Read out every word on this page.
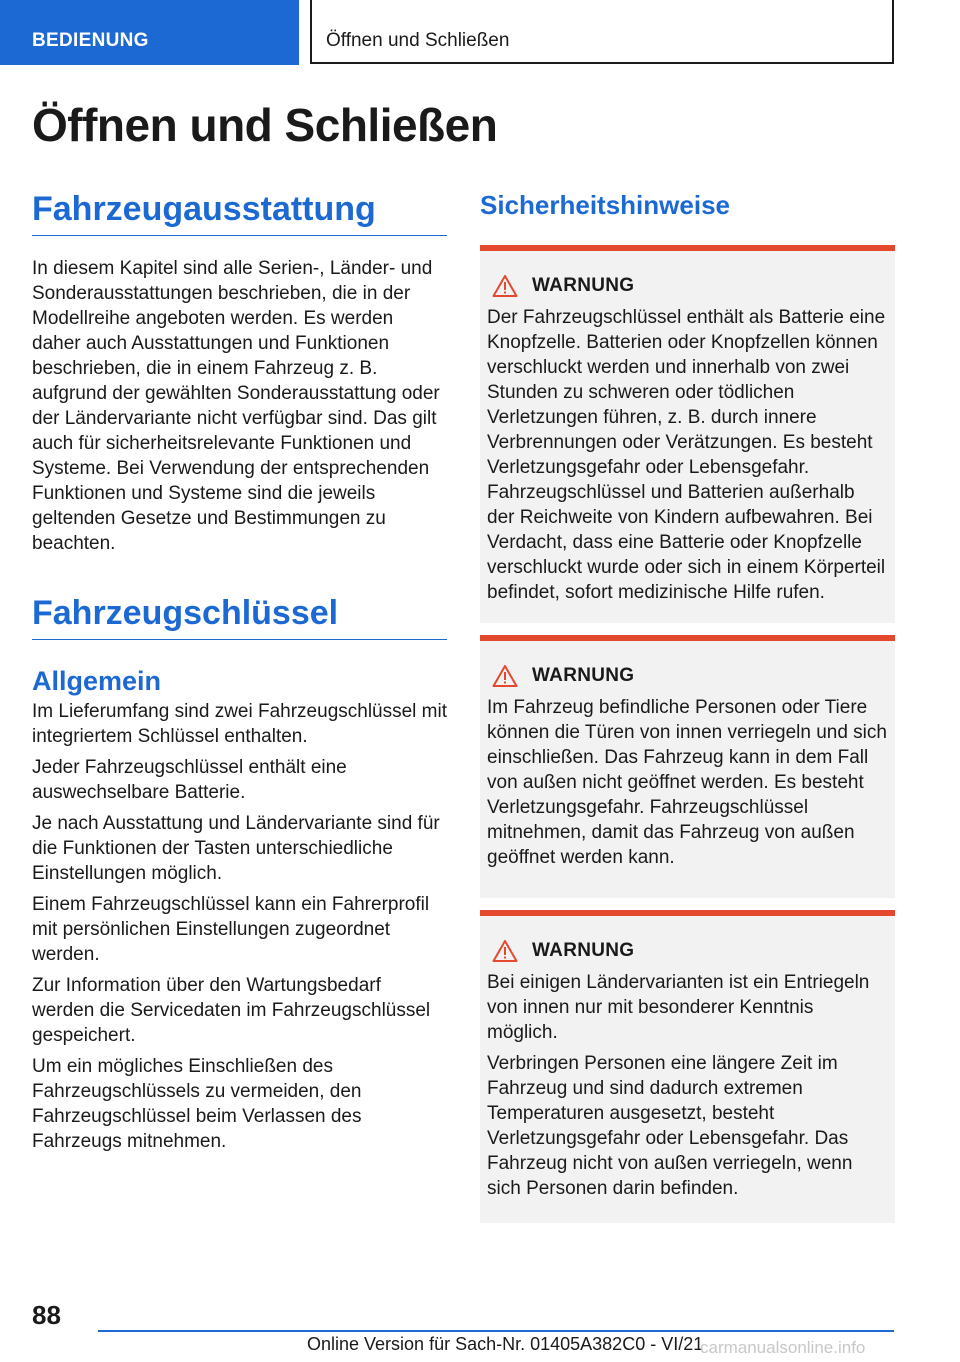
BEDIENUNG	Öffnen und Schließen
Öffnen und Schließen
Fahrzeugausstattung

In diesem Kapitel sind alle Serien-, Länder- und Sonderausstattungen beschrieben, die in der Modellreihe angeboten werden. Es werden daher auch Ausstattungen und Funktionen beschrieben, die in einem Fahrzeug z. B. aufgrund der gewählten Sonderausstattung oder der Ländervariante nicht verfügbar sind. Das gilt auch für sicherheitsrelevante Funktionen und Systeme. Bei Verwendung der entsprechenden Funktionen und Systeme sind die jeweils geltenden Gesetze und Bestimmungen zu beachten.

Fahrzeugschlüssel
Allgemein

Im Lieferumfang sind zwei Fahrzeugschlüssel mit integriertem Schlüssel enthalten.

Jeder Fahrzeugschlüssel enthält eine auswechselbare Batterie.

Je nach Ausstattung und Ländervariante sind für die Funktionen der Tasten unterschiedliche Einstellungen möglich.

Einem Fahrzeugschlüssel kann ein Fahrerprofil mit persönlichen Einstellungen zugeordnet werden.

Zur Information über den Wartungsbedarf werden die Servicedaten im Fahrzeugschlüssel gespeichert.

Um ein mögliches Einschließen des Fahrzeugschlüssels zu vermeiden, den Fahrzeugschlüssel beim Verlassen des Fahrzeugs mitnehmen.

Sicherheitshinweise
WARNUNG

Der Fahrzeugschlüssel enthält als Batterie eine Knopfzelle. Batterien oder Knopfzellen können verschluckt werden und innerhalb von zwei Stunden zu schweren oder tödlichen Verletzungen führen, z. B. durch innere Verbrennungen oder Verätzungen. Es besteht Verletzungsgefahr oder Lebensgefahr. Fahrzeugschlüssel und Batterien außerhalb der Reichweite von Kindern aufbewahren. Bei Verdacht, dass eine Batterie oder Knopfzelle verschluckt wurde oder sich in einem Körperteil befindet, sofort medizinische Hilfe rufen.

WARNUNG

Im Fahrzeug befindliche Personen oder Tiere können die Türen von innen verriegeln und sich einschließen. Das Fahrzeug kann in dem Fall von außen nicht geöffnet werden. Es besteht Verletzungsgefahr. Fahrzeugschlüssel mitnehmen, damit das Fahrzeug von außen geöffnet werden kann.

WARNUNG

Bei einigen Ländervarianten ist ein Entriegeln von innen nur mit besonderer Kenntnis möglich.

Verbringen Personen eine längere Zeit im Fahrzeug und sind dadurch extremen Temperaturen ausgesetzt, besteht Verletzungsgefahr oder Lebensgefahr. Das Fahrzeug nicht von außen verriegeln, wenn sich Personen darin befinden.

88
Online Version für Sach-Nr. 01405A382C0 - VI/21
carmanualsonline.info
